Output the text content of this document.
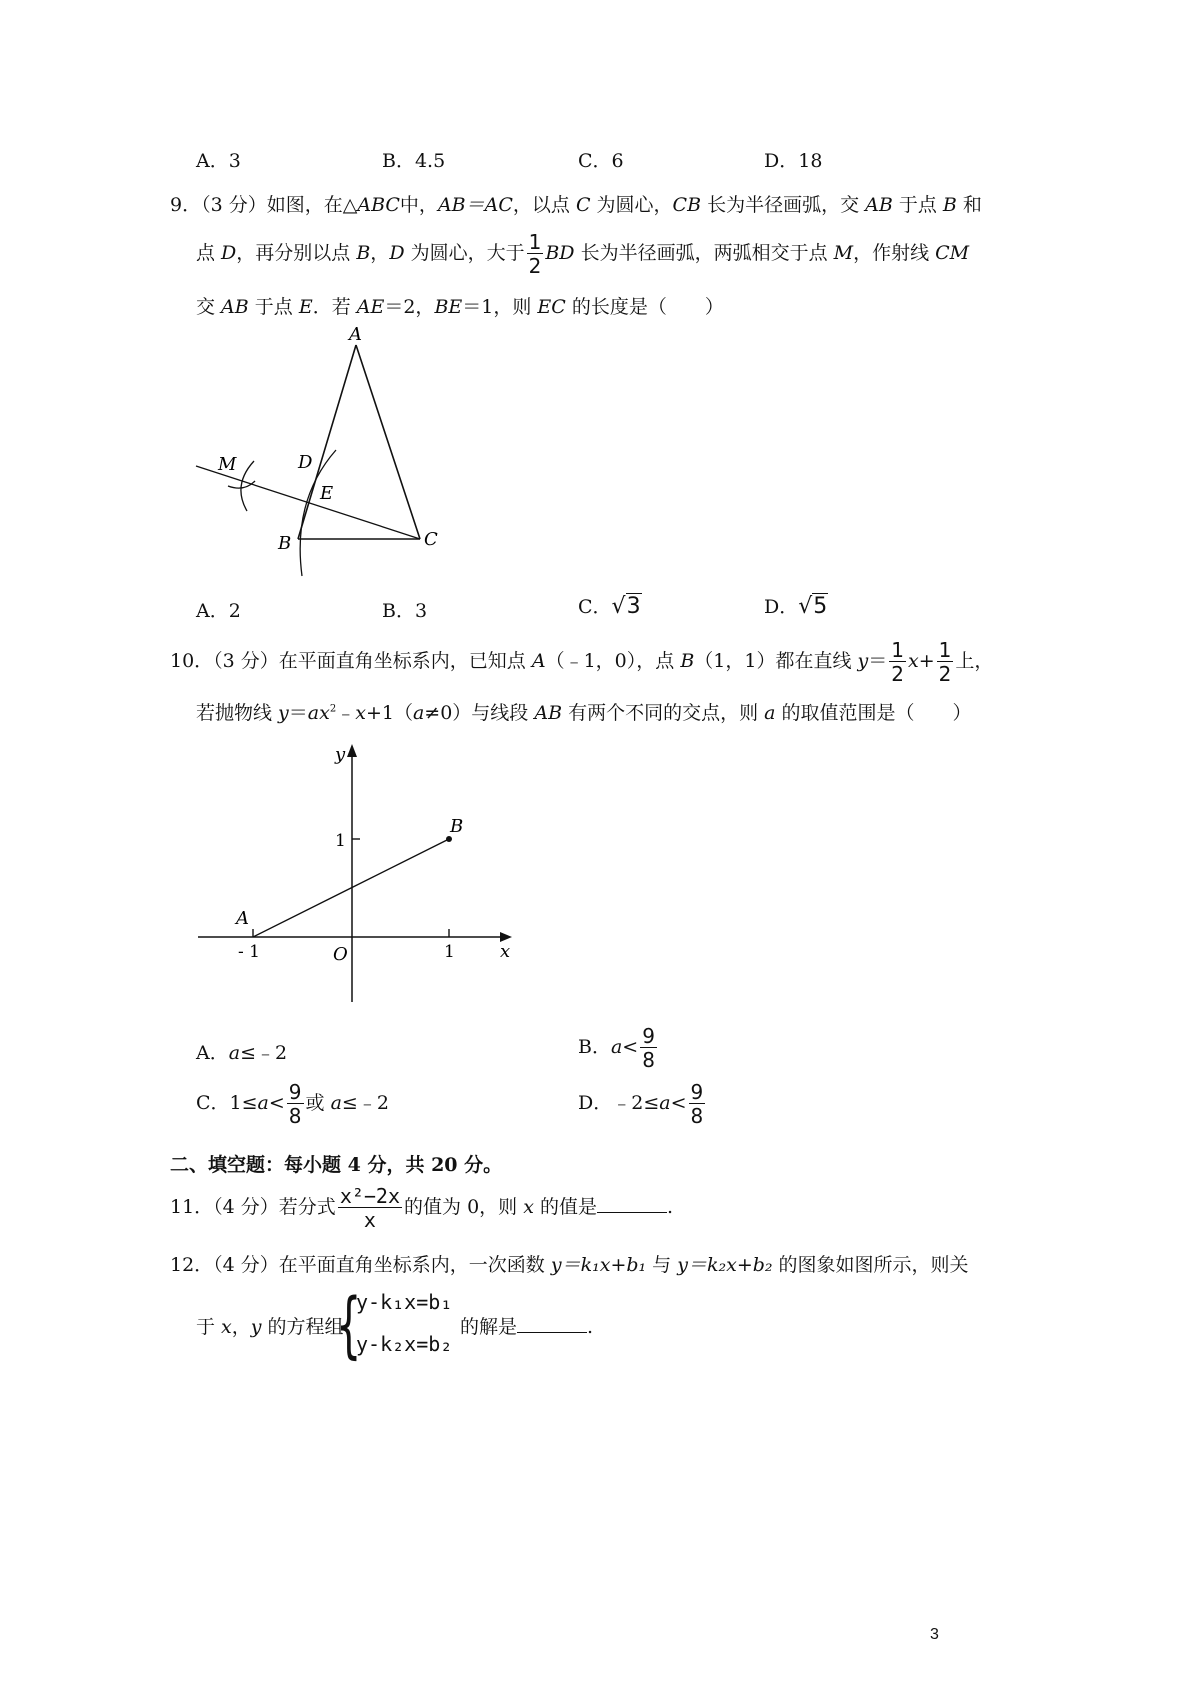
A．3	B．4.5	C．6	D．18
9．（3 分）如图，在△ABC中，AB＝AC，以点 C 为圆心，CB 长为半径画弧，交 AB 于点 B 和
点 D，再分别以点 B，D 为圆心，大于 $\frac{1}{2}$ BD 长为半径画弧，两弧相交于点 M，作射线 CM
交 AB 于点 E．若 AE＝2，BE＝1，则 EC 的长度是（　　）
A
D
E
M
B	C
A．2	B．3	C．√3	D．√5
10．（3 分）在平面直角坐标系内，已知点 A（﹣1，0），点 B（1，1）都在直线 $y= \frac{1}{2} x+ \frac{1}{2}$ 上，
若抛物线 $y=ax^2﹣x+1(a\ne 0)$与线段 AB 有两个不同的交点，则 a 的取值范围是（　　）
y
x
O
1
1
- 1
A
B
A．a≤﹣2	B．$a< \frac{9}{8}$
C．$1\le a< \frac{9}{8}$ 或 a≤﹣2	D．﹣2≤a< $\frac{9}{8}$
二、填空题：每小题 4 分，共 20 分。
11．（4 分）若分式 $\frac{\text{x²−2x}}{x}$ 的值为 0，则 x 的值是	.
12．（4 分）在平面直角坐标系内，一次函数 y＝k₁x+b₁ 与 y＝k₂x+b₂ 的图象如图所示，则关
于 x，y 的方程组
{
y-k₁x=b₁
y-k₂x=b₂
的解是	.
3
